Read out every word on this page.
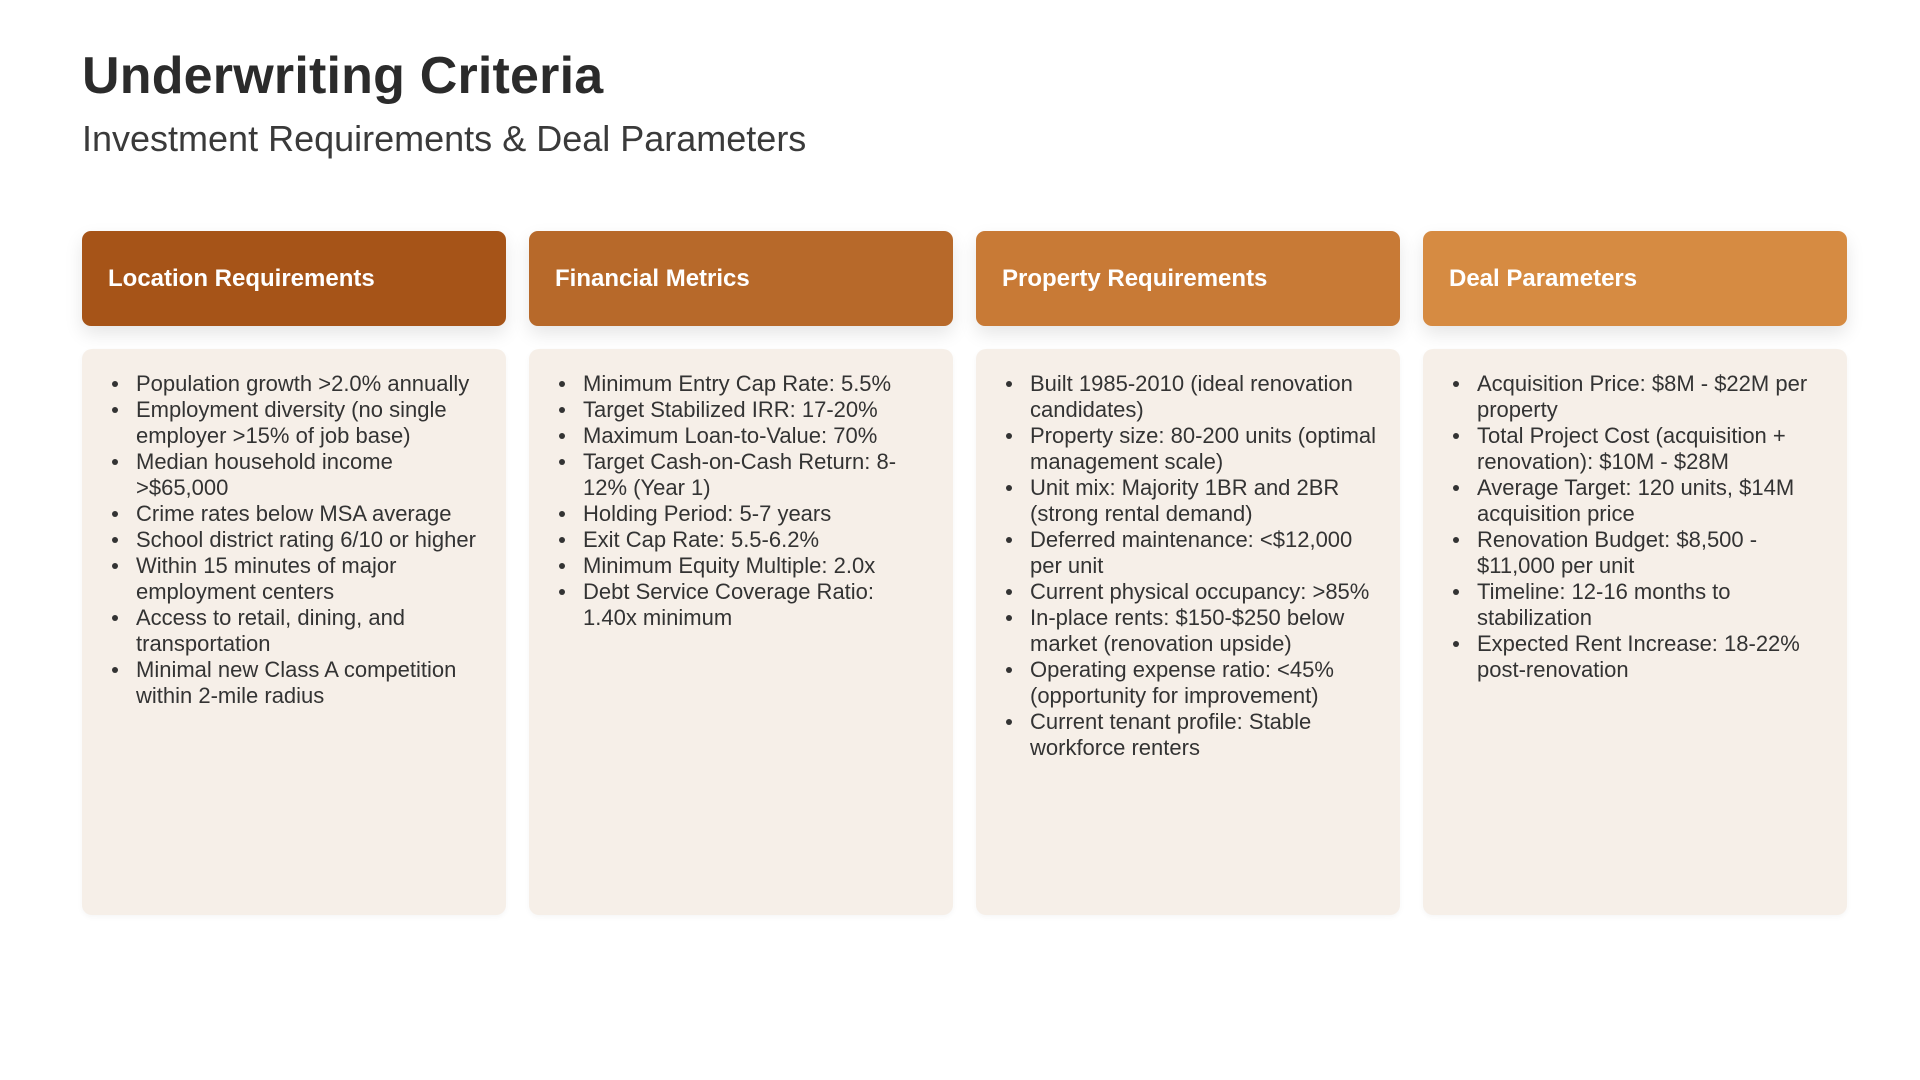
Underwriting Criteria
Investment Requirements & Deal Parameters
Location Requirements
Population growth >2.0% annually
Employment diversity (no single employer >15% of job base)
Median household income >$65,000
Crime rates below MSA average
School district rating 6/10 or higher
Within 15 minutes of major employment centers
Access to retail, dining, and transportation
Minimal new Class A competition within 2-mile radius
Financial Metrics
Minimum Entry Cap Rate: 5.5%
Target Stabilized IRR: 17-20%
Maximum Loan-to-Value: 70%
Target Cash-on-Cash Return: 8-12% (Year 1)
Holding Period: 5-7 years
Exit Cap Rate: 5.5-6.2%
Minimum Equity Multiple: 2.0x
Debt Service Coverage Ratio: 1.40x minimum
Property Requirements
Built 1985-2010 (ideal renovation candidates)
Property size: 80-200 units (optimal management scale)
Unit mix: Majority 1BR and 2BR (strong rental demand)
Deferred maintenance: <$12,000 per unit
Current physical occupancy: >85%
In-place rents: $150-$250 below market (renovation upside)
Operating expense ratio: <45% (opportunity for improvement)
Current tenant profile: Stable workforce renters
Deal Parameters
Acquisition Price: $8M - $22M per property
Total Project Cost (acquisition + renovation): $10M - $28M
Average Target: 120 units, $14M acquisition price
Renovation Budget: $8,500 - $11,000 per unit
Timeline: 12-16 months to stabilization
Expected Rent Increase: 18-22% post-renovation
